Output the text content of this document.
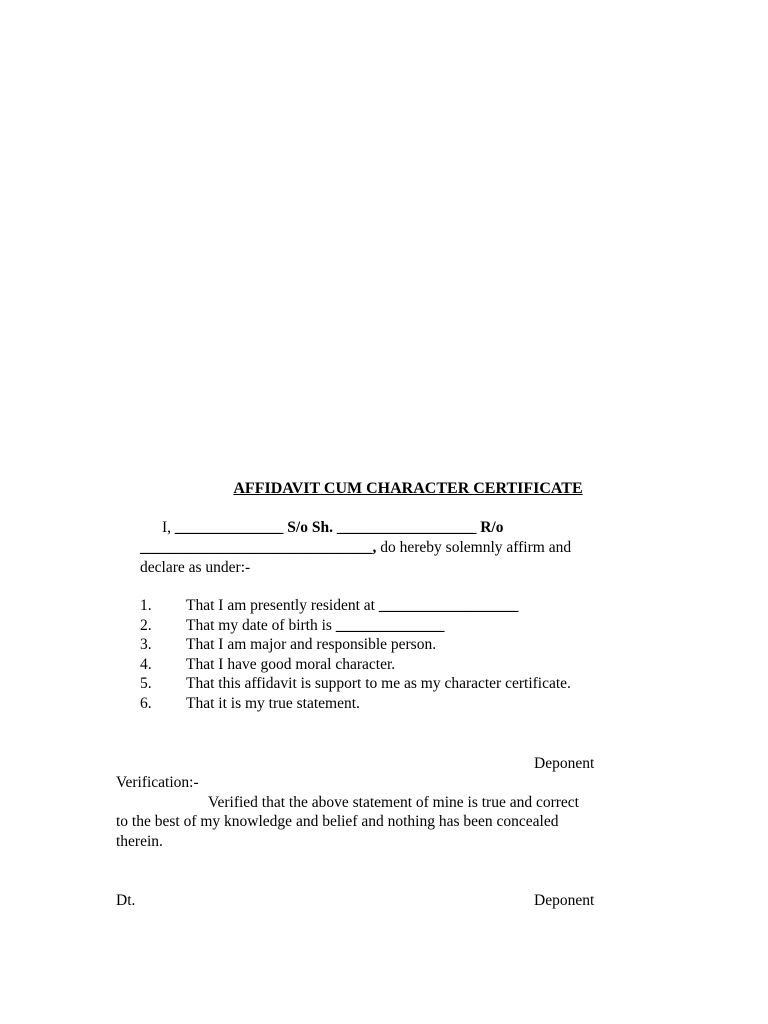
AFFIDAVIT CUM CHARACTER CERTIFICATE
I, ______________ S/o Sh. __________________ R/o
______________________________, do hereby solemnly affirm and
declare as under:-
1. That I am presently resident at __________________
2. That my date of birth is ______________
3. That I am major and responsible person.
4. That I have good moral character.
5. That this affidavit is support to me as my character certificate.
6. That it is my true statement.
Deponent
Verification:-
Verified that the above statement of mine is true and correct
to the best of my knowledge and belief and nothing has been concealed
therein.
Dt.	Deponent
